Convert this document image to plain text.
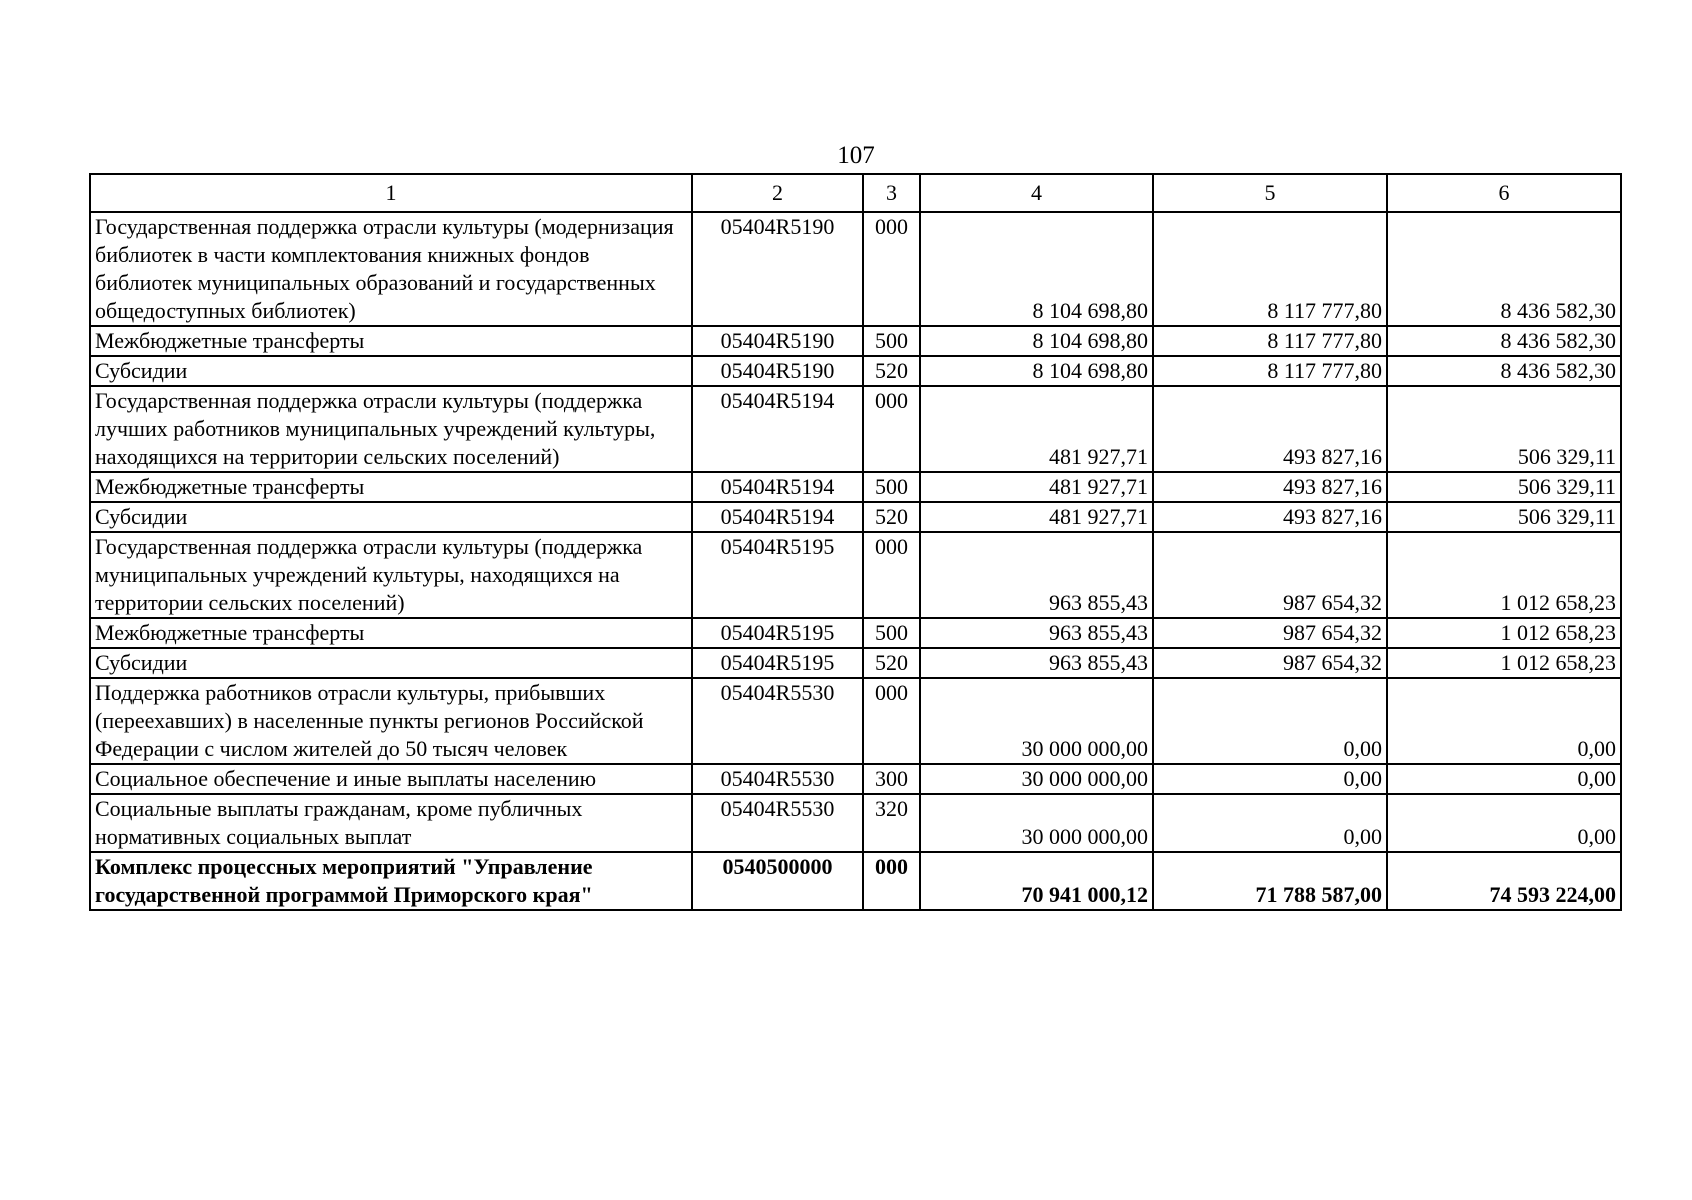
107
1	2	3	4	5	6
Государственная поддержка отрасли культуры (модернизация библиотек в части комплектования книжных фондов библиотек муниципальных образований и государственных общедоступных библиотек)	05404R5190	000	8 104 698,80	8 117 777,80	8 436 582,30
Межбюджетные трансферты	05404R5190	500	8 104 698,80	8 117 777,80	8 436 582,30
Субсидии	05404R5190	520	8 104 698,80	8 117 777,80	8 436 582,30
Государственная поддержка отрасли культуры (поддержка лучших работников муниципальных учреждений культуры, находящихся на территории сельских поселений)	05404R5194	000	481 927,71	493 827,16	506 329,11
Межбюджетные трансферты	05404R5194	500	481 927,71	493 827,16	506 329,11
Субсидии	05404R5194	520	481 927,71	493 827,16	506 329,11
Государственная поддержка отрасли культуры (поддержка муниципальных учреждений культуры, находящихся на территории сельских поселений)	05404R5195	000	963 855,43	987 654,32	1 012 658,23
Межбюджетные трансферты	05404R5195	500	963 855,43	987 654,32	1 012 658,23
Субсидии	05404R5195	520	963 855,43	987 654,32	1 012 658,23
Поддержка работников отрасли культуры, прибывших (переехавших) в населенные пункты регионов Российской Федерации с числом жителей до 50 тысяч человек	05404R5530	000	30 000 000,00	0,00	0,00
Социальное обеспечение и иные выплаты населению	05404R5530	300	30 000 000,00	0,00	0,00
Социальные выплаты гражданам, кроме публичных нормативных социальных выплат	05404R5530	320	30 000 000,00	0,00	0,00
Комплекс процессных мероприятий "Управление государственной программой Приморского края"	0540500000	000	70 941 000,12	71 788 587,00	74 593 224,00
